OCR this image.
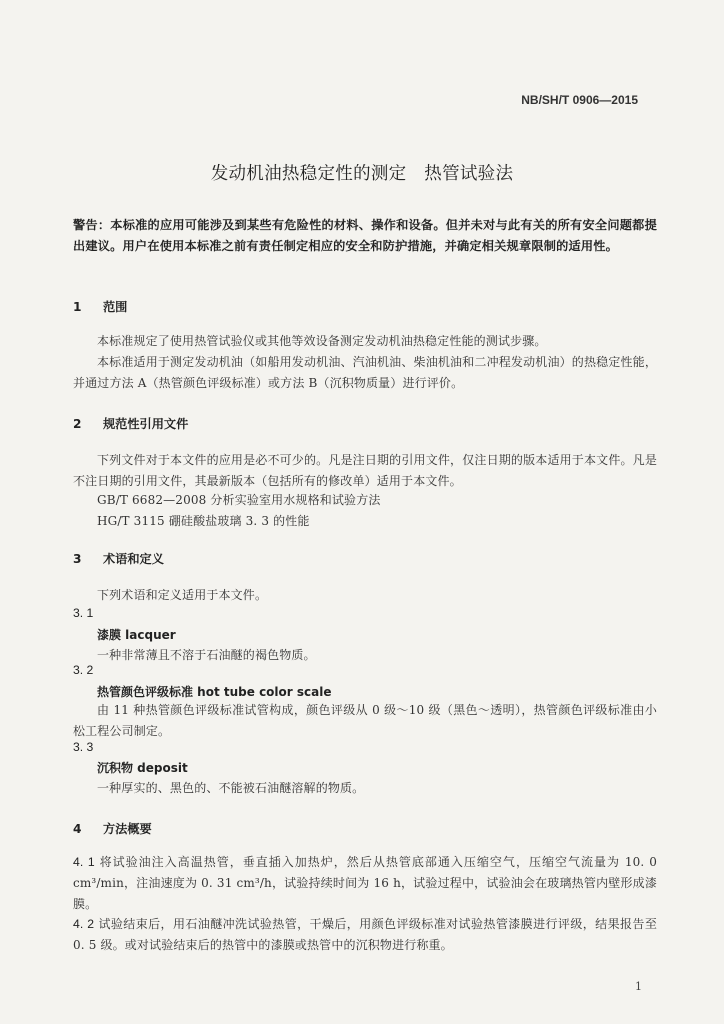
NB/SH/T 0906—2015
发动机油热稳定性的测定　热管试验法
警告：本标准的应用可能涉及到某些有危险性的材料、操作和设备。但并未对与此有关的所有安全问题都提出建议。用户在使用本标准之前有责任制定相应的安全和防护措施，并确定相关规章限制的适用性。
1 范围
本标准规定了使用热管试验仪或其他等效设备测定发动机油热稳定性能的测试步骤。
本标准适用于测定发动机油（如船用发动机油、汽油机油、柴油机油和二冲程发动机油）的热稳定性能，并通过方法 A（热管颜色评级标准）或方法 B（沉积物质量）进行评价。
2 规范性引用文件
下列文件对于本文件的应用是必不可少的。凡是注日期的引用文件，仅注日期的版本适用于本文件。凡是不注日期的引用文件，其最新版本（包括所有的修改单）适用于本文件。
GB/T 6682—2008 分析实验室用水规格和试验方法
HG/T 3115 硼硅酸盐玻璃 3. 3 的性能
3 术语和定义
下列术语和定义适用于本文件。
3. 1
漆膜 lacquer
一种非常薄且不溶于石油醚的褐色物质。
3. 2
热管颜色评级标准 hot tube color scale
由 11 种热管颜色评级标准试管构成，颜色评级从 0 级～10 级（黑色～透明），热管颜色评级标准由小松工程公司制定。
3. 3
沉积物 deposit
一种厚实的、黑色的、不能被石油醚溶解的物质。
4 方法概要
4. 1 将试验油注入高温热管，垂直插入加热炉，然后从热管底部通入压缩空气，压缩空气流量为 10. 0 cm³/min，注油速度为 0. 31 cm³/h，试验持续时间为 16 h，试验过程中，试验油会在玻璃热管内壁形成漆膜。
4. 2 试验结束后，用石油醚冲洗试验热管，干燥后，用颜色评级标准对试验热管漆膜进行评级，结果报告至 0. 5 级。或对试验结束后的热管中的漆膜或热管中的沉积物进行称重。
1
